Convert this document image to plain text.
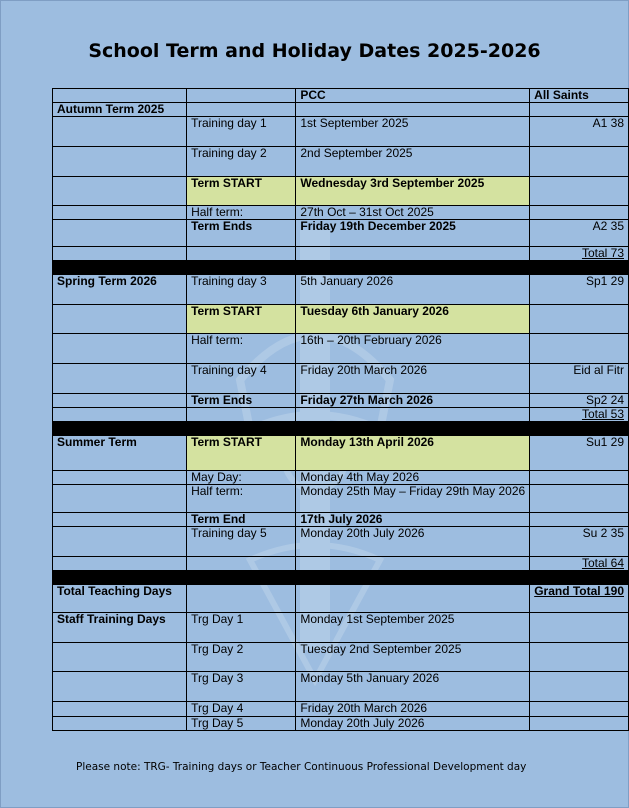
School Term and Holiday Dates 2025-2026
		PCC	All Saints
Autumn Term 2025			
	Training day 1	1st September 2025	A1 38
	Training day 2	2nd September 2025	
	Term START	Wednesday 3rd September 2025	
	Half term:	27th Oct – 31st Oct 2025	
	Term Ends	Friday 19th December 2025	A2 35
			Total 73

Spring Term 2026	Training day 3	5th January 2026	Sp1 29
	Term START	Tuesday 6th January 2026	
	Half term:	16th – 20th February 2026	
	Training day 4	Friday 20th March 2026	Eid al Fitr
	Term Ends	Friday 27th March 2026	Sp2 24
			Total 53

Summer Term	Term START	Monday 13th April 2026	Su1 29
	May Day:	Monday 4th May 2026	
	Half term:	Monday 25th May – Friday 29th May 2026	
	Term End	17th July 2026	
	Training day 5	Monday 20th July 2026	Su 2 35
			Total 64

Total Teaching Days			Grand Total 190
Staff Training Days	Trg Day 1	Monday 1st September 2025	
	Trg Day 2	Tuesday 2nd September 2025	
	Trg Day 3	Monday 5th January 2026	
	Trg Day 4	Friday 20th March 2026	
	Trg Day 5	Monday 20th July 2026	
Please note: TRG- Training days or Teacher Continuous Professional Development day
